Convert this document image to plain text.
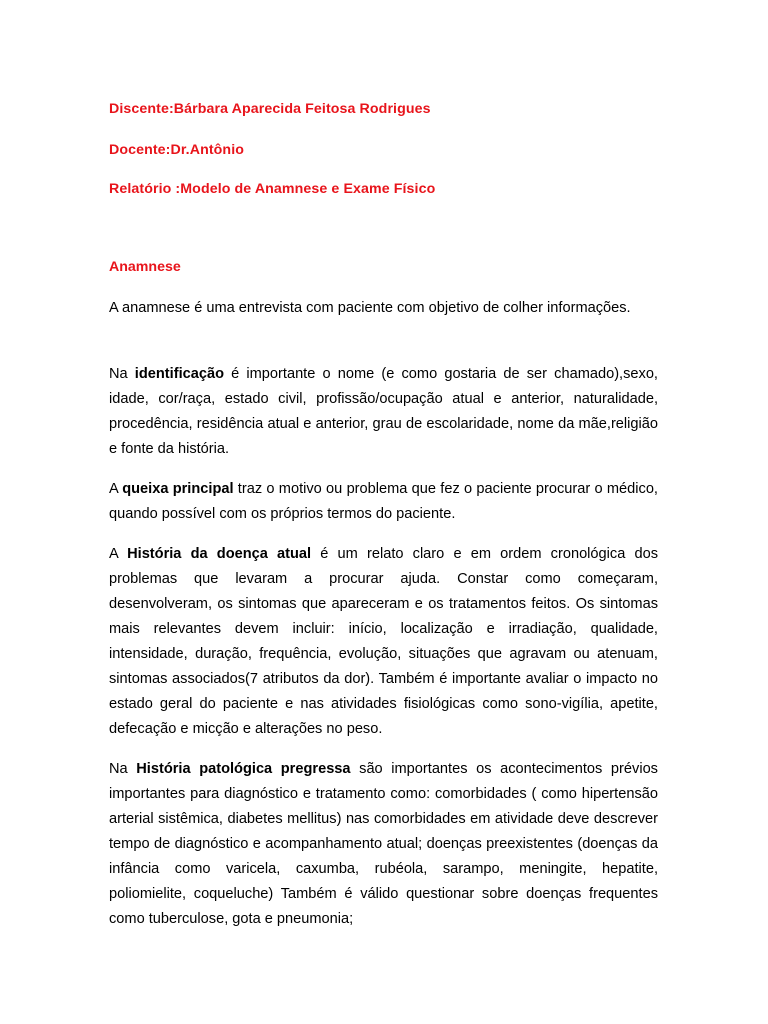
Discente:Bárbara Aparecida Feitosa Rodrigues
Docente:Dr.Antônio
Relatório :Modelo de Anamnese e Exame Físico
Anamnese

A anamnese é uma entrevista com paciente com objetivo de colher informações.

Na identificação é importante o nome (e como gostaria de ser chamado),sexo, idade, cor/raça, estado civil, profissão/ocupação atual e anterior, naturalidade, procedência, residência atual e anterior, grau de escolaridade, nome da mãe,religião e fonte da história.

A queixa principal traz o motivo ou problema que fez o paciente procurar o médico, quando possível com os próprios termos do paciente.

A História da doença atual é um relato claro e em ordem cronológica dos problemas que levaram a procurar ajuda. Constar como começaram, desenvolveram, os sintomas que apareceram e os tratamentos feitos. Os sintomas mais relevantes devem incluir: início, localização e irradiação, qualidade, intensidade, duração, frequência, evolução, situações que agravam ou atenuam, sintomas associados(7 atributos da dor). Também é importante avaliar o impacto no estado geral do paciente e nas atividades fisiológicas como sono-vigília, apetite, defecação e micção e alterações no peso.

Na História patológica pregressa são importantes os acontecimentos prévios importantes para diagnóstico e tratamento como: comorbidades ( como hipertensão arterial sistêmica, diabetes mellitus) nas comorbidades em atividade deve descrever tempo de diagnóstico e acompanhamento atual; doenças preexistentes (doenças da infância como varicela, caxumba, rubéola, sarampo, meningite, hepatite, poliomielite, coqueluche) Também é válido questionar sobre doenças frequentes como tuberculose, gota e pneumonia;
